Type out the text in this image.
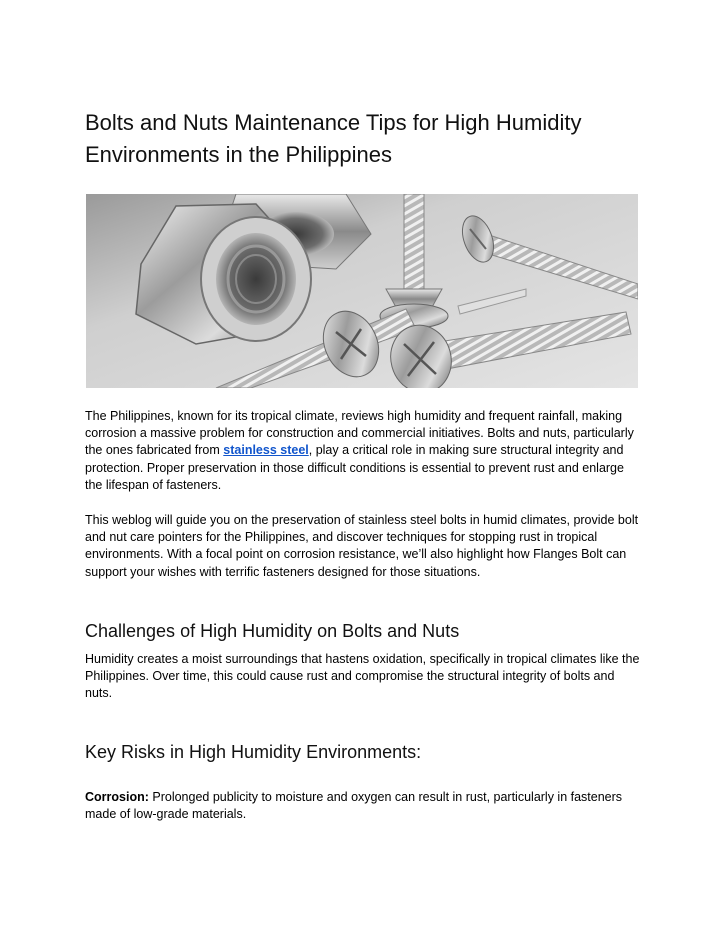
Bolts and Nuts Maintenance Tips for High Humidity Environments in the Philippines

The Philippines, known for its tropical climate, reviews high humidity and frequent rainfall, making corrosion a massive problem for construction and commercial initiatives. Bolts and nuts, particularly the ones fabricated from stainless steel, play a critical role in making sure structural integrity and protection. Proper preservation in those difficult conditions is essential to prevent rust and enlarge the lifespan of fasteners.

This weblog will guide you on the preservation of stainless steel bolts in humid climates, provide bolt and nut care pointers for the Philippines, and discover techniques for stopping rust in tropical environments. With a focal point on corrosion resistance, we’ll also highlight how Flanges Bolt can support your wishes with terrific fasteners designed for those situations.

Challenges of High Humidity on Bolts and Nuts

Humidity creates a moist surroundings that hastens oxidation, specifically in tropical climates like the Philippines. Over time, this could cause rust and compromise the structural integrity of bolts and nuts.

Key Risks in High Humidity Environments:

Corrosion: Prolonged publicity to moisture and oxygen can result in rust, particularly in fasteners made of low-grade materials.
